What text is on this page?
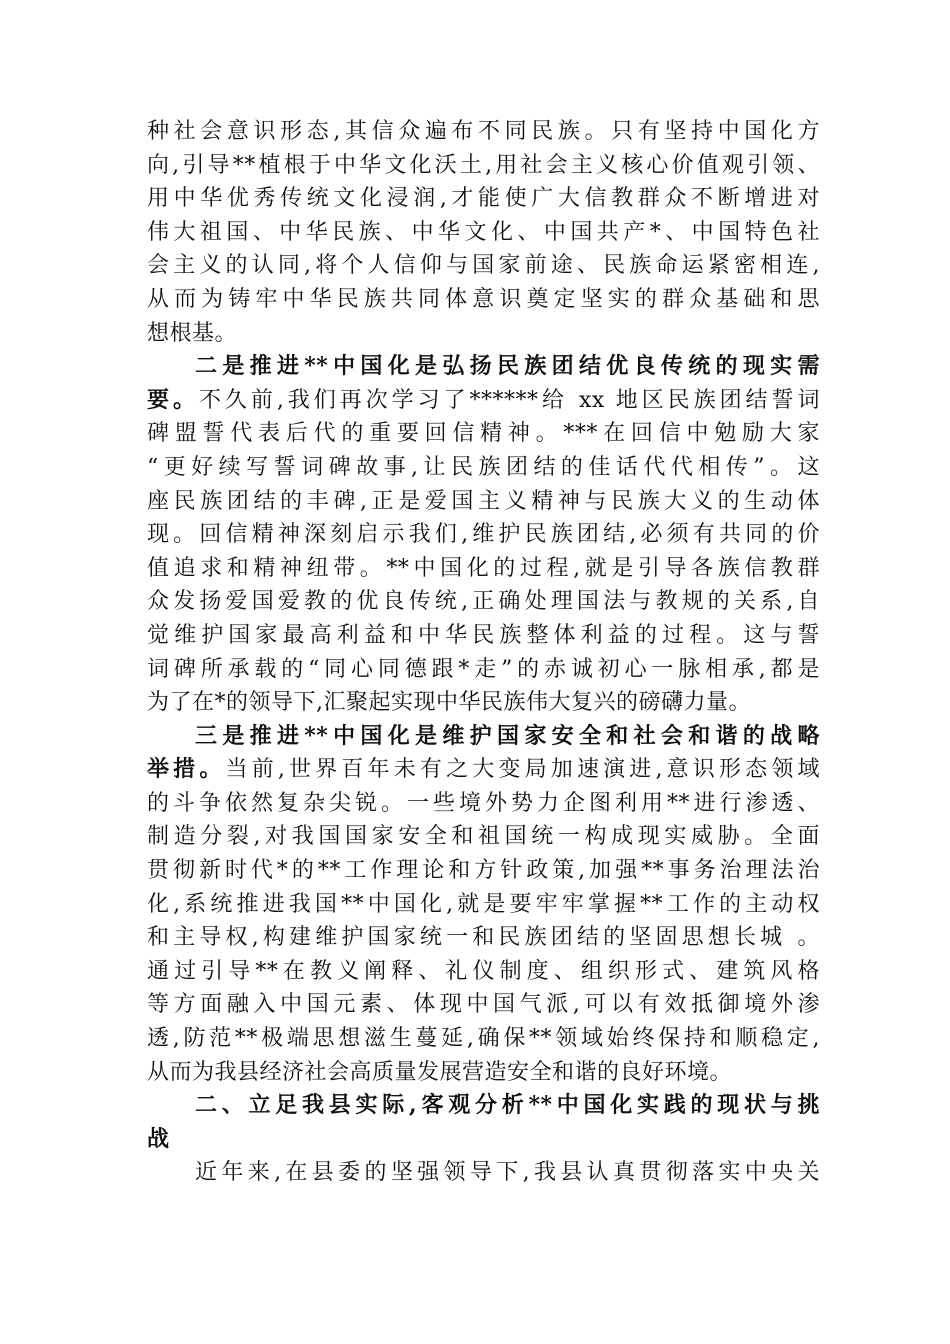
种社会意识形态,其信众遍布不同民族。只有坚持中国化方
向,引导**植根于中华文化沃土,用社会主义核心价值观引领、
用中华优秀传统文化浸润,才能使广大信教群众不断增进对
伟大祖国、中华民族、中华文化、中国共产*、中国特色社
会主义的认同,将个人信仰与国家前途、民族命运紧密相连,
从而为铸牢中华民族共同体意识奠定坚实的群众基础和思
想根基。
二是推进**中国化是弘扬民族团结优良传统的现实需
要。不久前,我们再次学习了******给 xx 地区民族团结誓词
碑盟誓代表后代的重要回信精神。***在回信中勉励大家
“更好续写誓词碑故事,让民族团结的佳话代代相传”。这
座民族团结的丰碑,正是爱国主义精神与民族大义的生动体
现。回信精神深刻启示我们,维护民族团结,必须有共同的价
值追求和精神纽带。**中国化的过程,就是引导各族信教群
众发扬爱国爱教的优良传统,正确处理国法与教规的关系,自
觉维护国家最高利益和中华民族整体利益的过程。这与誓
词碑所承载的“同心同德跟*走”的赤诚初心一脉相承,都是
为了在*的领导下,汇聚起实现中华民族伟大复兴的磅礴力量。
三是推进**中国化是维护国家安全和社会和谐的战略
举措。当前,世界百年未有之大变局加速演进,意识形态领域
的斗争依然复杂尖锐。一些境外势力企图利用**进行渗透、
制造分裂,对我国国家安全和祖国统一构成现实威胁。全面
贯彻新时代*的**工作理论和方针政策,加强**事务治理法治
化,系统推进我国**中国化,就是要牢牢掌握**工作的主动权
和主导权,构建维护国家统一和民族团结的坚固思想长城 。
通过引导**在教义阐释、礼仪制度、组织形式、建筑风格
等方面融入中国元素、体现中国气派,可以有效抵御境外渗
透,防范**极端思想滋生蔓延,确保**领域始终保持和顺稳定,
从而为我县经济社会高质量发展营造安全和谐的良好环境。
二、立足我县实际,客观分析**中国化实践的现状与挑
战
近年来,在县委的坚强领导下,我县认真贯彻落实中央关
